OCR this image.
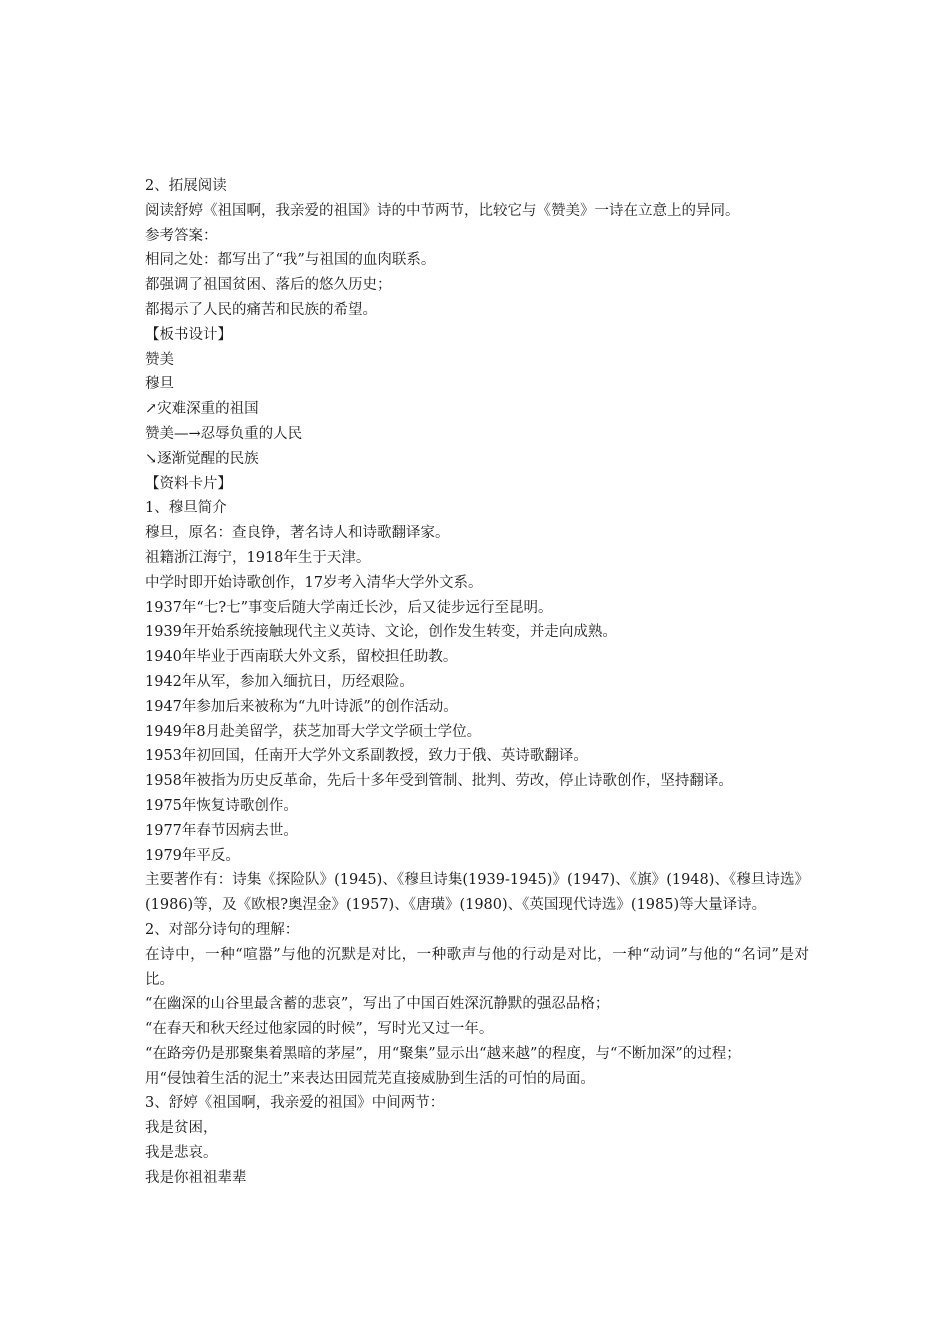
2、拓展阅读
阅读舒婷《祖国啊，我亲爱的祖国》诗的中节两节，比较它与《赞美》一诗在立意上的异同。
参考答案：
相同之处：都写出了“我”与祖国的血肉联系。
都强调了祖国贫困、落后的悠久历史；
都揭示了人民的痛苦和民族的希望。
【板书设计】
赞美
穆旦
↗灾难深重的祖国
赞美—→忍辱负重的人民
↘逐渐觉醒的民族
【资料卡片】
1、穆旦简介
穆旦，原名：查良铮，著名诗人和诗歌翻译家。
祖籍浙江海宁，1918年生于天津。
中学时即开始诗歌创作，17岁考入清华大学外文系。
1937年“七?七”事变后随大学南迁长沙，后又徒步远行至昆明。
1939年开始系统接触现代主义英诗、文论，创作发生转变，并走向成熟。
1940年毕业于西南联大外文系，留校担任助教。
1942年从军，参加入缅抗日，历经艰险。
1947年参加后来被称为“九叶诗派”的创作活动。
1949年8月赴美留学，获芝加哥大学文学硕士学位。
1953年初回国，任南开大学外文系副教授，致力于俄、英诗歌翻译。
1958年被指为历史反革命，先后十多年受到管制、批判、劳改，停止诗歌创作，坚持翻译。
1975年恢复诗歌创作。
1977年春节因病去世。
1979年平反。
主要著作有：诗集《探险队》(1945)、《穆旦诗集(1939-1945)》(1947)、《旗》(1948)、《穆旦诗选》(1986)等，及《欧根?奥涅金》(1957)、《唐璜》(1980)、《英国现代诗选》(1985)等大量译诗。
2、对部分诗句的理解：
在诗中，一种“喧嚣”与他的沉默是对比，一种歌声与他的行动是对比，一种“动词”与他的“名词”是对比。
“在幽深的山谷里最含蓄的悲哀”，写出了中国百姓深沉静默的强忍品格；
“在春天和秋天经过他家园的时候”，写时光又过一年。
“在路旁仍是那聚集着黑暗的茅屋”，用“聚集”显示出“越来越”的程度，与“不断加深”的过程；
用“侵蚀着生活的泥土”来表达田园荒芜直接威胁到生活的可怕的局面。
3、舒婷《祖国啊，我亲爱的祖国》中间两节：
我是贫困，
我是悲哀。
我是你祖祖辈辈
